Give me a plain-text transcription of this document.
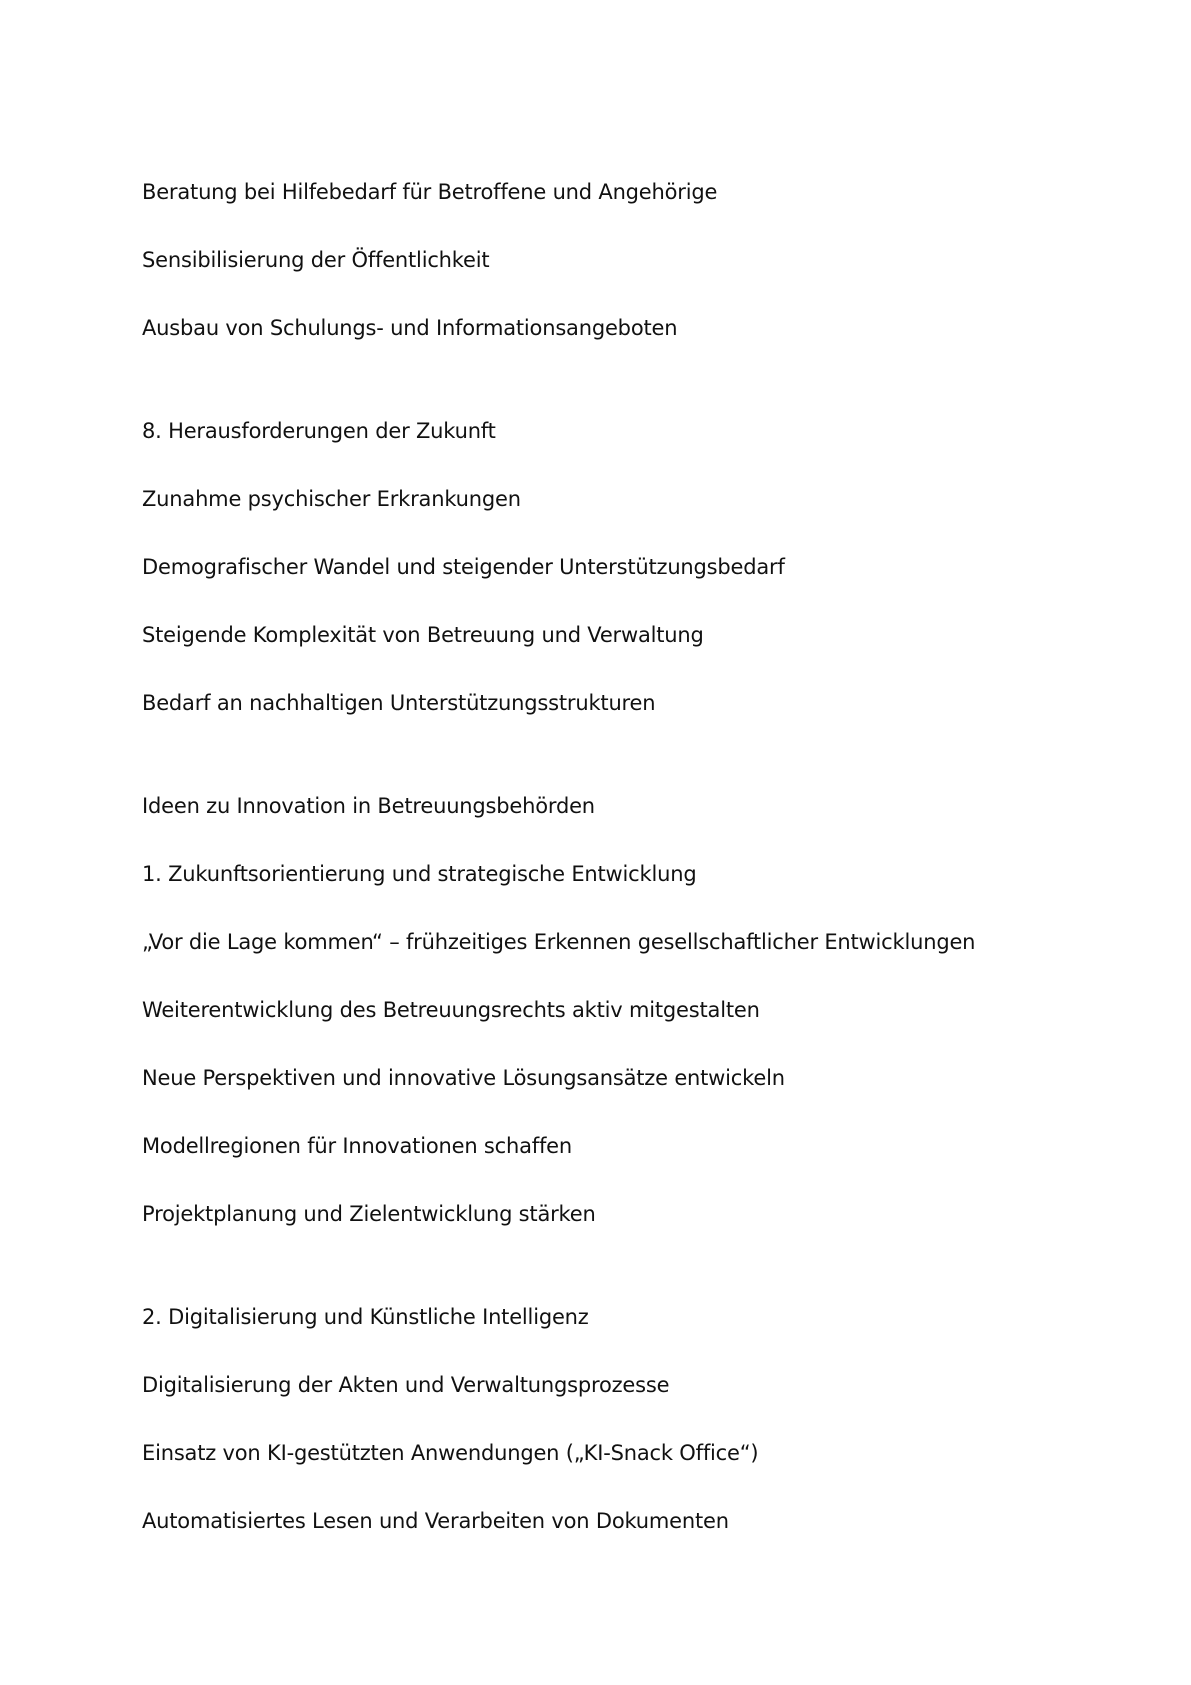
Beratung bei Hilfebedarf für Betroffene und Angehörige
Sensibilisierung der Öffentlichkeit
Ausbau von Schulungs- und Informationsangeboten
8. Herausforderungen der Zukunft
Zunahme psychischer Erkrankungen
Demografischer Wandel und steigender Unterstützungsbedarf
Steigende Komplexität von Betreuung und Verwaltung
Bedarf an nachhaltigen Unterstützungsstrukturen
Ideen zu Innovation in Betreuungsbehörden
1. Zukunftsorientierung und strategische Entwicklung
„Vor die Lage kommen“ – frühzeitiges Erkennen gesellschaftlicher Entwicklungen
Weiterentwicklung des Betreuungsrechts aktiv mitgestalten
Neue Perspektiven und innovative Lösungsansätze entwickeln
Modellregionen für Innovationen schaffen
Projektplanung und Zielentwicklung stärken
2. Digitalisierung und Künstliche Intelligenz
Digitalisierung der Akten und Verwaltungsprozesse
Einsatz von KI-gestützten Anwendungen („KI-Snack Office“)
Automatisiertes Lesen und Verarbeiten von Dokumenten
